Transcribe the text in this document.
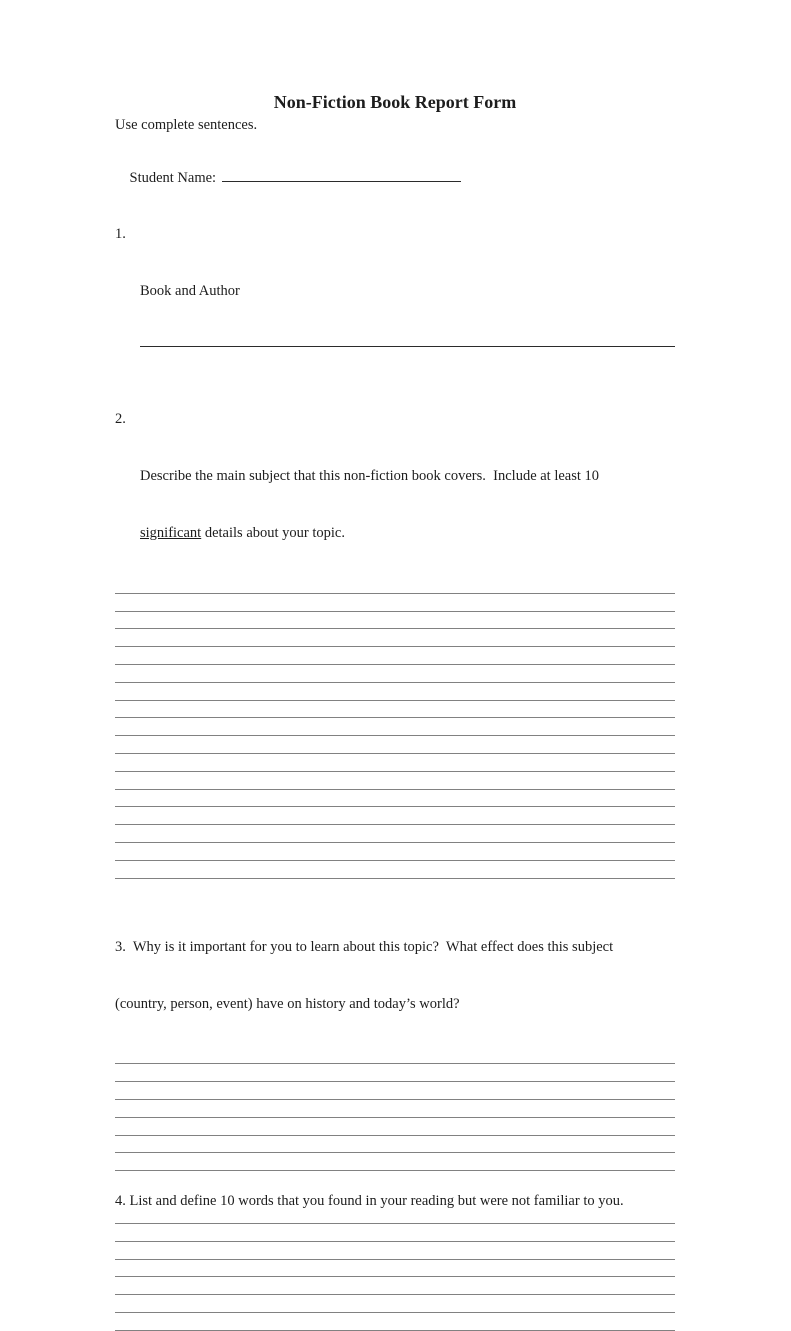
Non-Fiction Book Report Form

Use complete sentences.

Student Name:

1.

Book and Author

2.

Describe the main subject that this non-fiction book covers.  Include at least 10

significant details about your topic.

3.  Why is it important for you to learn about this topic?  What effect does this subject

(country, person, event) have on history and today’s world?

4. List and define 10 words that you found in your reading but were not familiar to you.
